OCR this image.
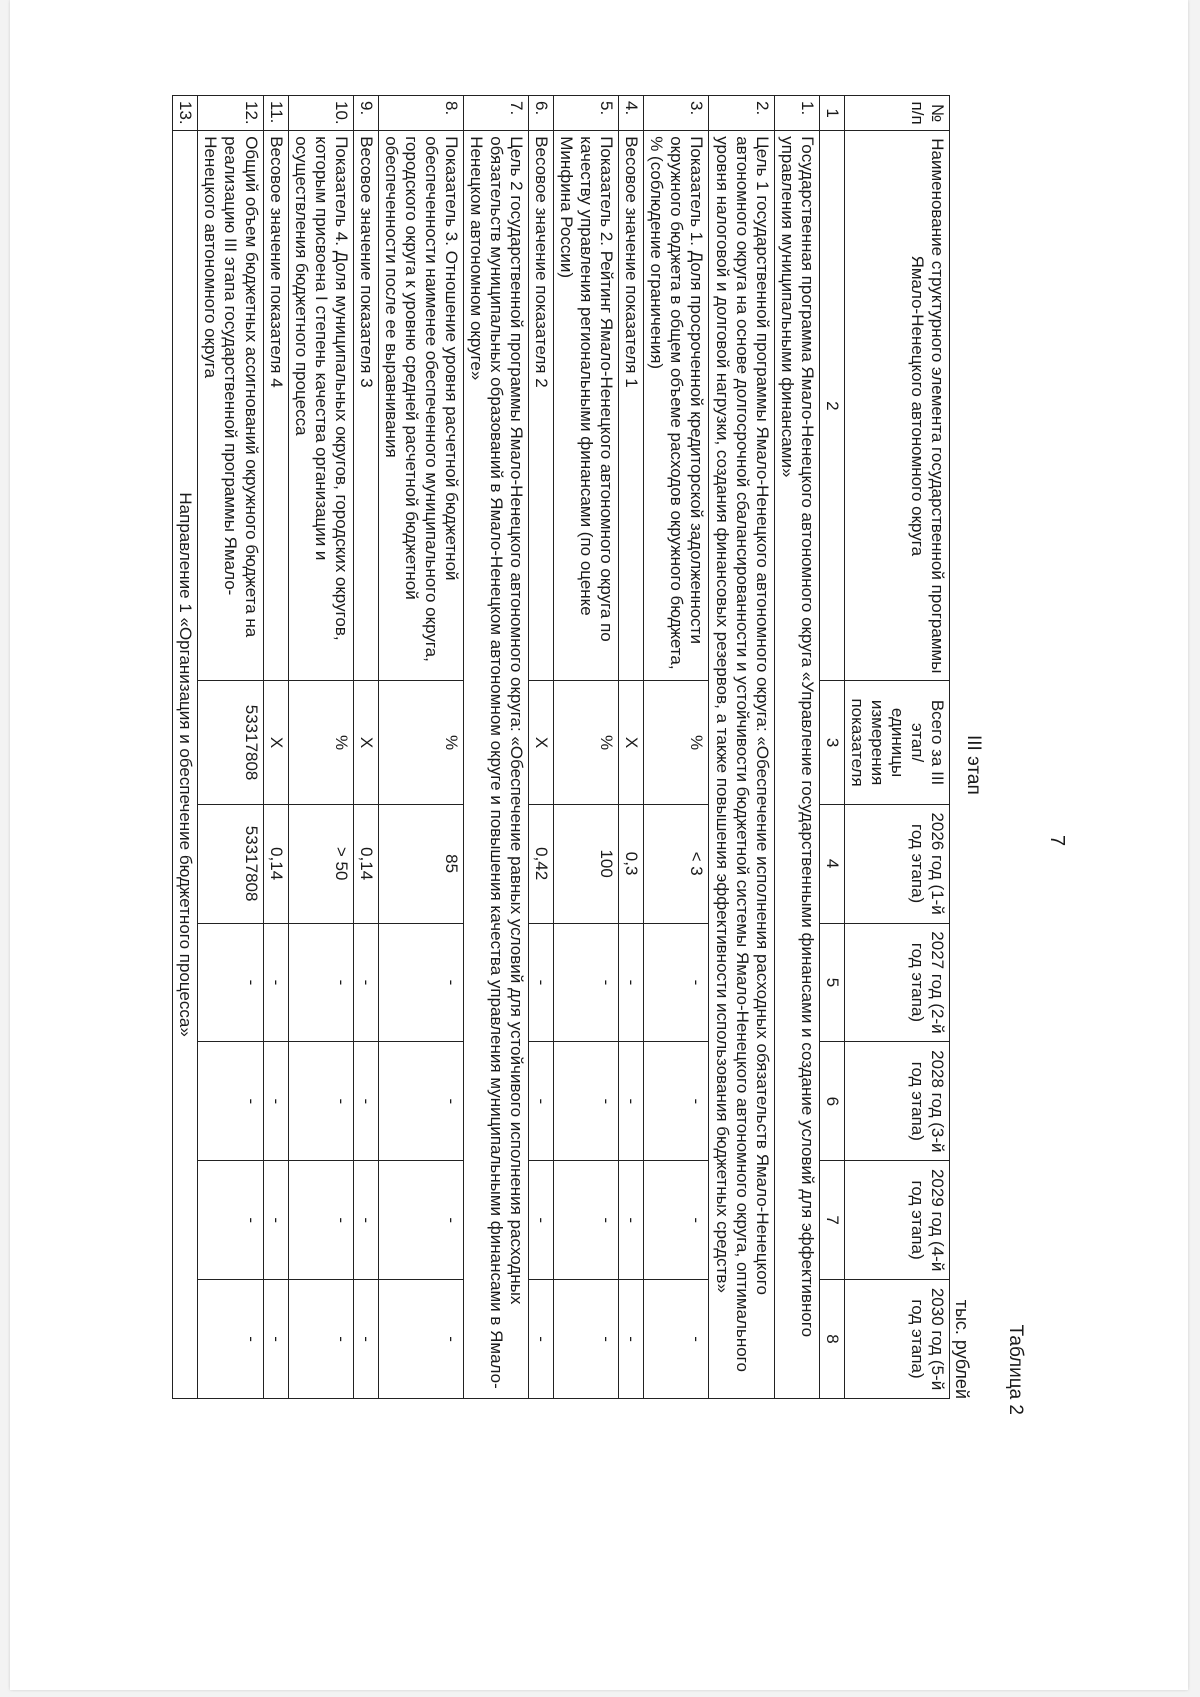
7
Таблица 2
III этап
тыс. рублей
№ п/п	Наименование структурного элемента государственной программы Ямало-Ненецкого автономного округа	Всего за III этап/ единицы измерения показателя	2026 год (1-й год этапа)	2027 год (2-й год этапа)	2028 год (3-й год этапа)	2029 год (4-й год этапа)	2030 год (5-й год этапа)
1	2	3	4	5	6	7	8
1.	Государственная программа Ямало-Ненецкого автономного округа «Управление государственными финансами и создание условий для эффективного управления муниципальными финансами»						
2.	Цель 1 государственной программы Ямало-Ненецкого автономного округа: «Обеспечение исполнения расходных обязательств Ямало-Ненецкого автономного округа на основе долгосрочной сбалансированности и устойчивости бюджетной системы Ямало-Ненецкого автономного округа, оптимального уровня налоговой и долговой нагрузки, создания финансовых резервов, а также повышения эффективности использования бюджетных средств»						
3.	Показатель 1. Доля просроченной кредиторской задолженности окружного бюджета в общем объеме расходов окружного бюджета, % (соблюдение ограничения)	%	< 3	-	-	-	-
4.	Весовое значение показателя 1	X	0,3	-	-	-	-
5.	Показатель 2. Рейтинг Ямало-Ненецкого автономного округа по качеству управления региональными финансами (по оценке Минфина России)	%	100	-	-	-	-
6.	Весовое значение показателя 2	X	0,42	-	-	-	-
7.	Цель 2 государственной программы Ямало-Ненецкого автономного округа: «Обеспечение равных условий для устойчивого исполнения расходных обязательств муниципальных образований в Ямало-Ненецком автономном округе и повышения качества управления муниципальными финансами в Ямало-Ненецком автономном округе»						
8.	Показатель 3. Отношение уровня расчетной бюджетной обеспеченности наименее обеспеченного муниципального округа, городского округа к уровню средней расчетной бюджетной обеспеченности после ее выравнивания	%	85	-	-	-	-
9.	Весовое значение показателя 3	X	0,14	-	-	-	-
10.	Показатель 4. Доля муниципальных округов, городских округов, которым присвоена I степень качества организации и осуществления бюджетного процесса	%	> 50	-	-	-	-
11.	Весовое значение показателя 4	X	0,14	-	-	-	-
12.	Общий объем бюджетных ассигнований окружного бюджета на реализацию III этапа государственной программы Ямало-Ненецкого автономного округа	53317808	53317808	-	-	-	-
13.	Направление 1 «Организация и обеспечение бюджетного процесса»						
